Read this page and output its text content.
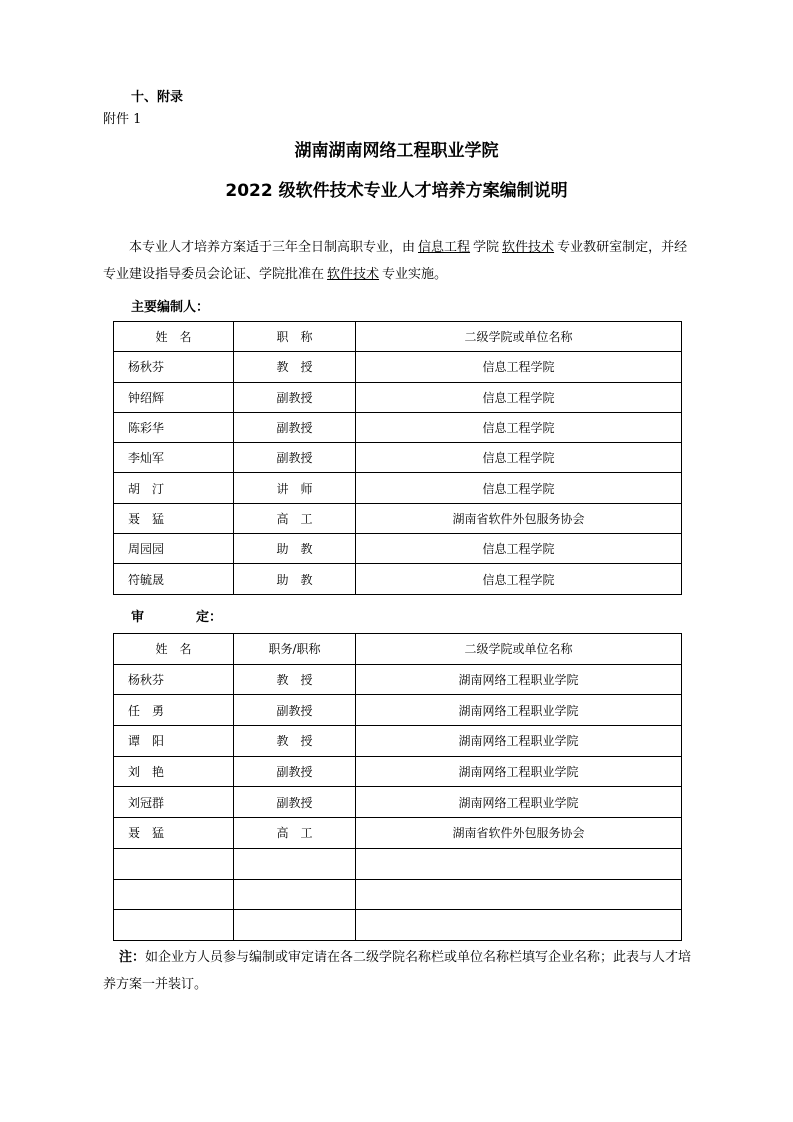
十、附录
附件 1
湖南湖南网络工程职业学院
2022 级软件技术专业人才培养方案编制说明
本专业人才培养方案适于三年全日制高职专业，由 信息工程 学院 软件技术 专业教研室制定，并经专业建设指导委员会论证、学院批准在 软件技术 专业实施。
主要编制人：
姓　名	职　称	二级学院或单位名称
杨秋芬	教　授	信息工程学院
钟绍辉	副教授	信息工程学院
陈彩华	副教授	信息工程学院
李灿军	副教授	信息工程学院
胡　汀	讲　师	信息工程学院
聂　猛	高　工	湖南省软件外包服务协会
周园园	助　教	信息工程学院
符毓晟	助　教	信息工程学院
审	定：
姓　名	职务/职称	二级学院或单位名称
杨秋芬	教　授	湖南网络工程职业学院
任　勇	副教授	湖南网络工程职业学院
谭　阳	教　授	湖南网络工程职业学院
刘　艳	副教授	湖南网络工程职业学院
刘冠群	副教授	湖南网络工程职业学院
聂　猛	高　工	湖南省软件外包服务协会

注：如企业方人员参与编制或审定请在各二级学院名称栏或单位名称栏填写企业名称；此表与人才培养方案一并装订。
